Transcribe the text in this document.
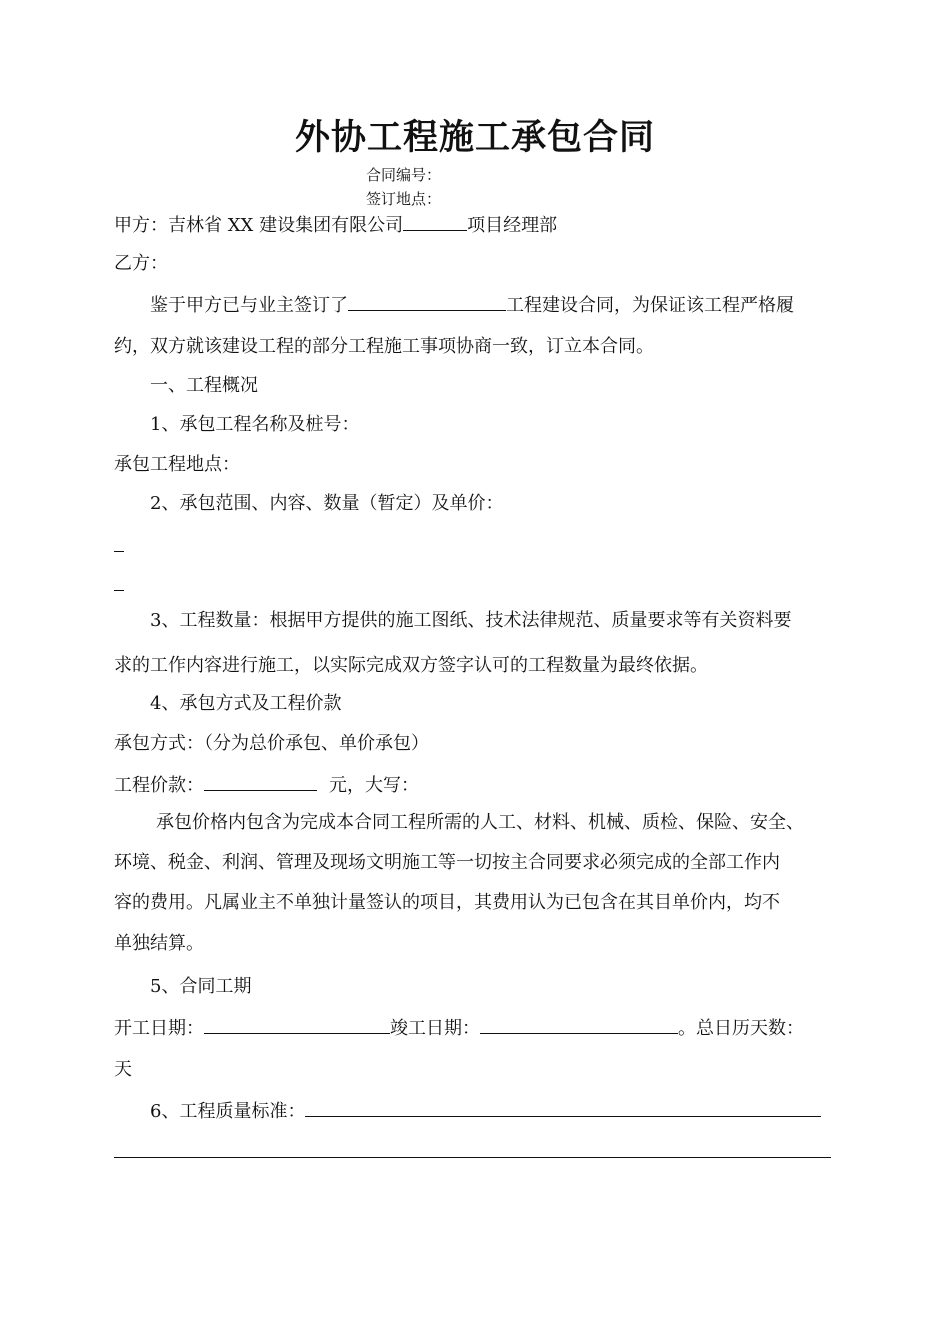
外协工程施工承包合同
合同编号：
签订地点：
甲方：吉林省 XX 建设集团有限公司	项目经理部
乙方：
鉴于甲方已与业主签订了	工程建设合同，为保证该工程严格履
约，双方就该建设工程的部分工程施工事项协商一致，订立本合同。
一、工程概况
1、承包工程名称及桩号：
承包工程地点：
2、承包范围、内容、数量（暂定）及单价：
3、工程数量：根据甲方提供的施工图纸、技术法律规范、质量要求等有关资料要
求的工作内容进行施工，以实际完成双方签字认可的工程数量为最终依据。
4、承包方式及工程价款
承包方式：（分为总价承包、单价承包）
工程价款：	元，大写：
承包价格内包含为完成本合同工程所需的人工、材料、机械、质检、保险、安全、
环境、税金、利润、管理及现场文明施工等一切按主合同要求必须完成的全部工作内
容的费用。凡属业主不单独计量签认的项目，其费用认为已包含在其目单价内，均不
单独结算。
5、合同工期
开工日期：	竣工日期：	。总日历天数：
天
6、工程质量标准：
